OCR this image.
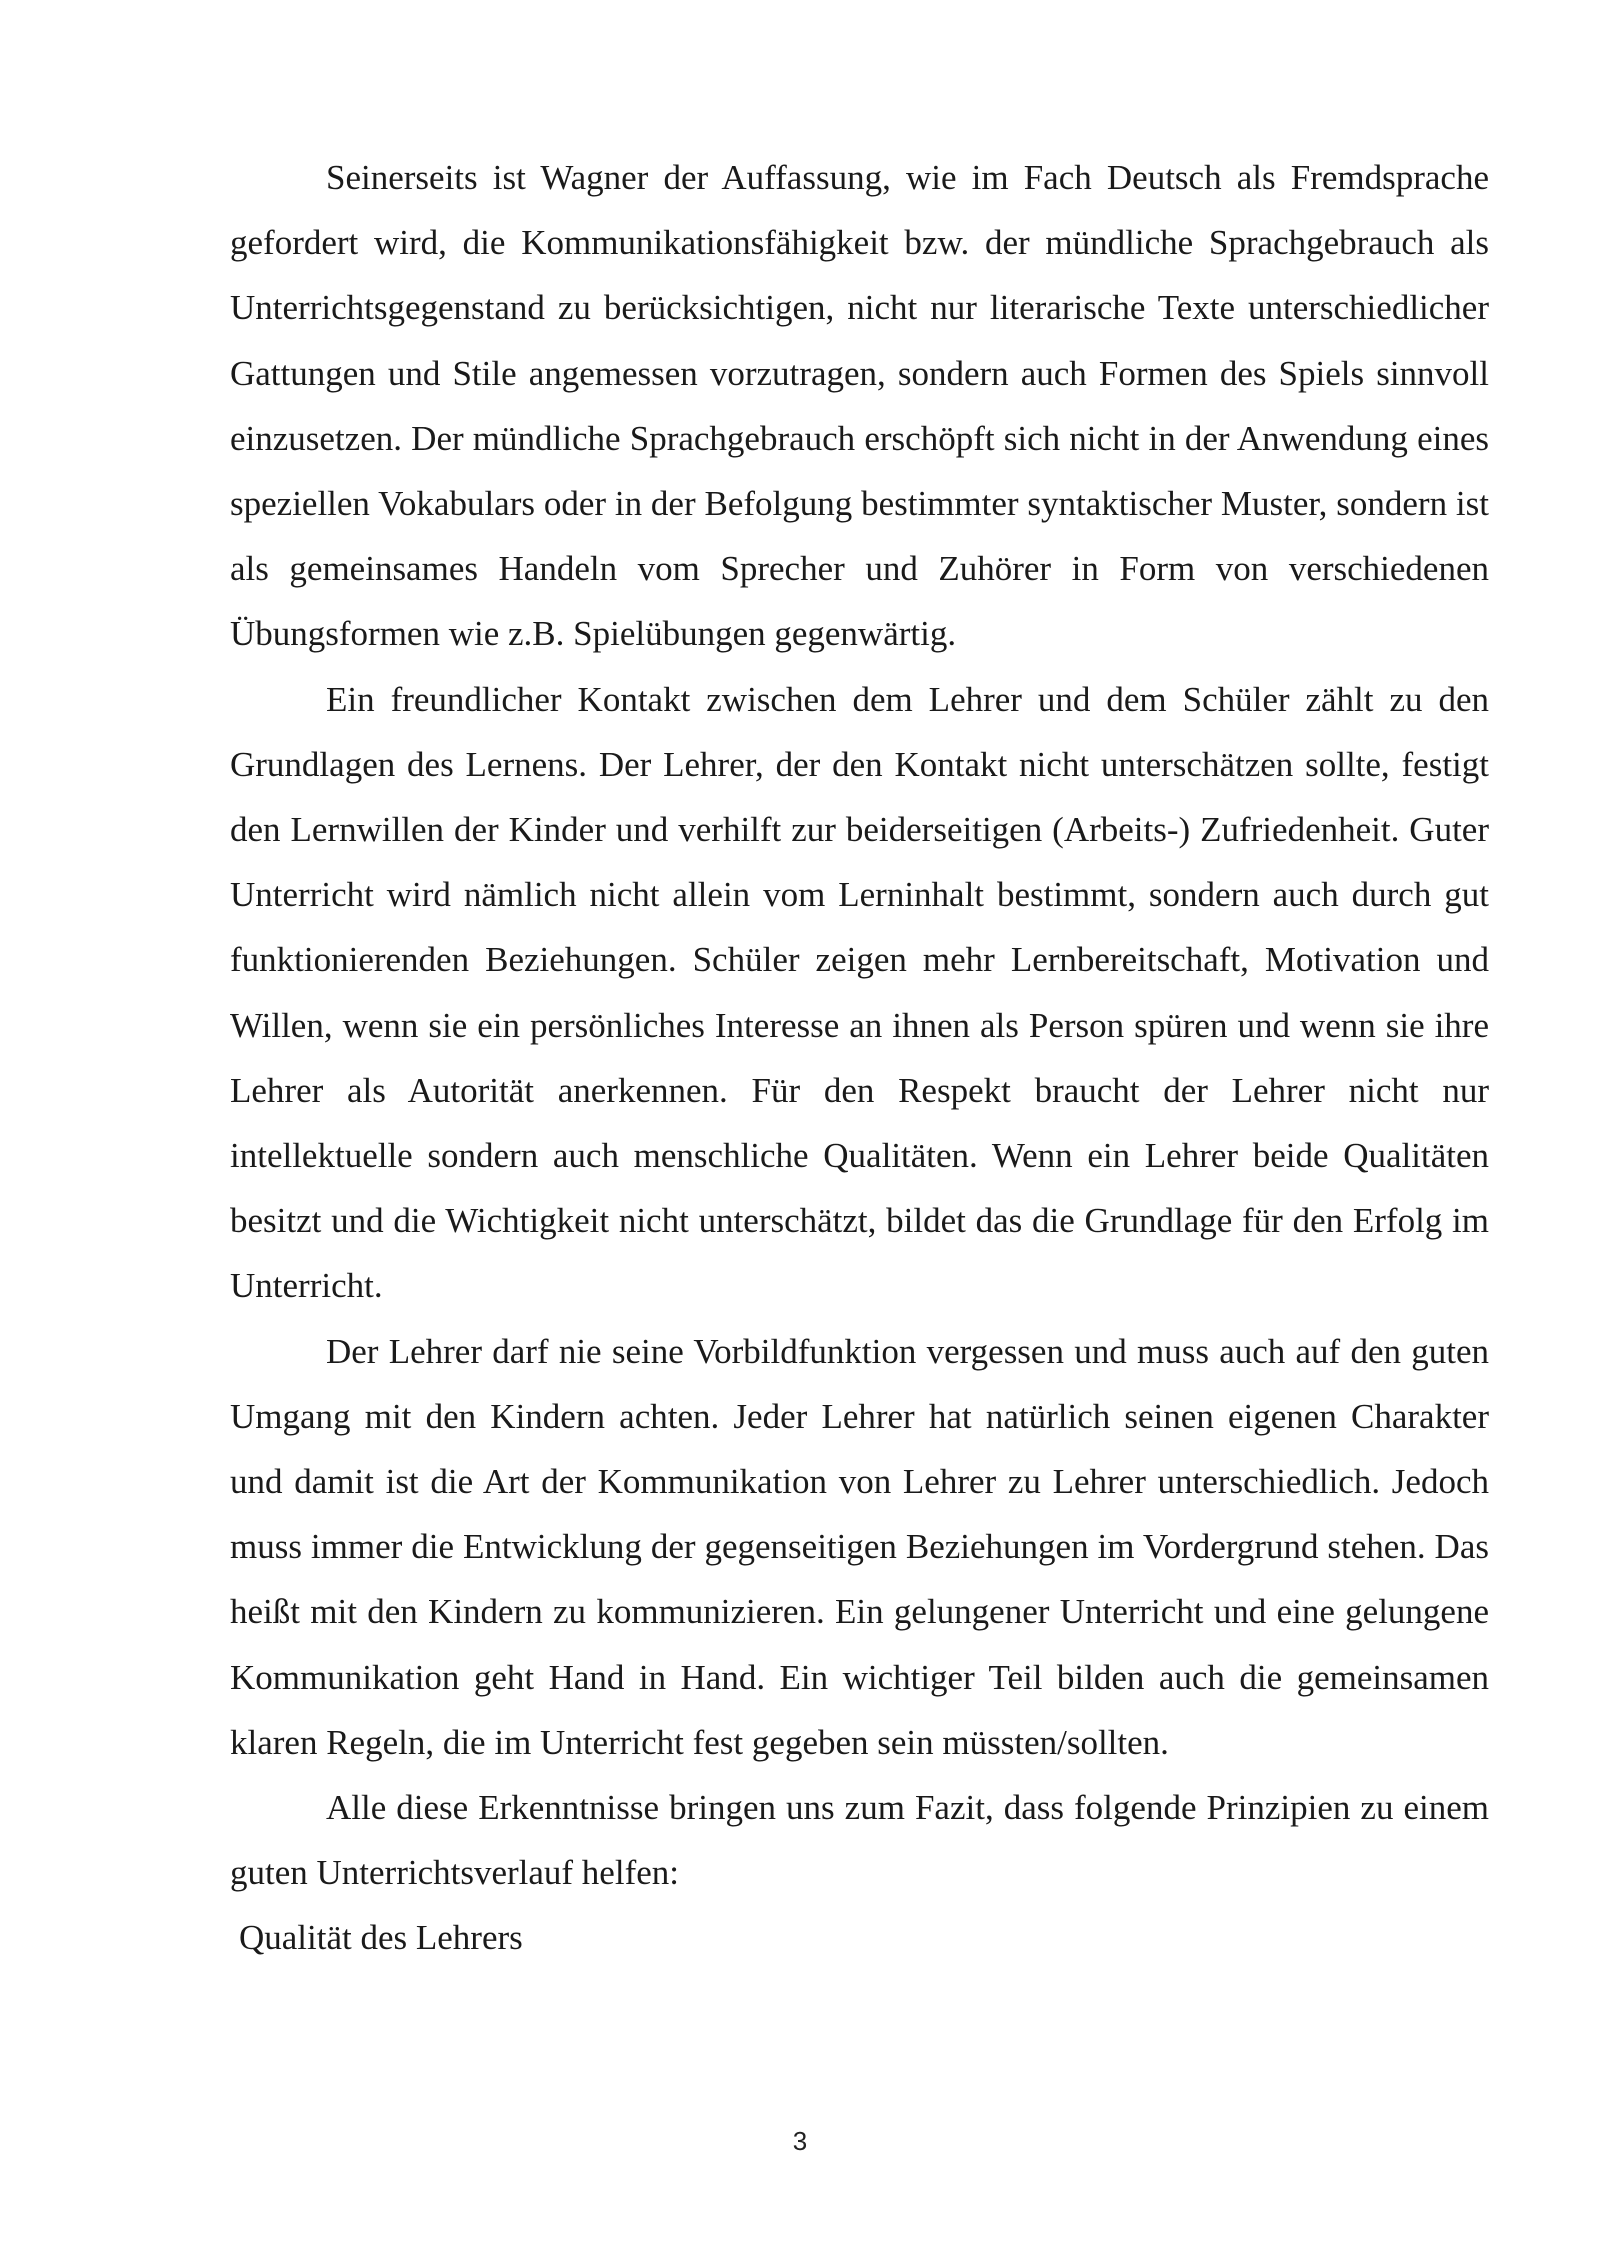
Seinerseits ist Wagner der Auffassung, wie im Fach Deutsch als Fremdsprache gefordert wird, die Kommunikationsfähigkeit bzw. der mündliche Sprachgebrauch als Unterrichtsgegenstand zu berücksichtigen, nicht nur literarische Texte unterschiedlicher Gattungen und Stile angemessen vorzutragen, sondern auch Formen des Spiels sinnvoll einzusetzen. Der mündliche Sprachgebrauch erschöpft sich nicht in der Anwendung eines speziellen Vokabulars oder in der Befolgung bestimmter syntaktischer Muster, sondern ist als gemeinsames Handeln vom Sprecher und Zuhörer in Form von verschiedenen Übungsformen wie z.B. Spielübungen gegenwärtig.

Ein freundlicher Kontakt zwischen dem Lehrer und dem Schüler zählt zu den Grundlagen des Lernens. Der Lehrer, der den Kontakt nicht unterschätzen sollte, festigt den Lernwillen der Kinder und verhilft zur beiderseitigen (Arbeits-) Zufriedenheit. Guter Unterricht wird nämlich nicht allein vom Lerninhalt bestimmt, sondern auch durch gut funktionierenden Beziehungen. Schüler zeigen mehr Lernbereitschaft, Motivation und Willen, wenn sie ein persönliches Interesse an ihnen als Person spüren und wenn sie ihre Lehrer als Autorität anerkennen. Für den Respekt braucht der Lehrer nicht nur intellektuelle sondern auch menschliche Qualitäten. Wenn ein Lehrer beide Qualitäten besitzt und die Wichtigkeit nicht unterschätzt, bildet das die Grundlage für den Erfolg im Unterricht.

Der Lehrer darf nie seine Vorbildfunktion vergessen und muss auch auf den guten Umgang mit den Kindern achten. Jeder Lehrer hat natürlich seinen eigenen Charakter und damit ist die Art der Kommunikation von Lehrer zu Lehrer unterschiedlich. Jedoch muss immer die Entwicklung der gegenseitigen Beziehungen im Vordergrund stehen. Das heißt mit den Kindern zu kommunizieren. Ein gelungener Unterricht und eine gelungene Kommunikation geht Hand in Hand. Ein wichtiger Teil bilden auch die gemeinsamen klaren Regeln, die im Unterricht fest gegeben sein müssten/sollten.

Alle diese Erkenntnisse bringen uns zum Fazit, dass folgende Prinzipien zu einem guten Unterrichtsverlauf helfen:

Qualität des Lehrers

3
